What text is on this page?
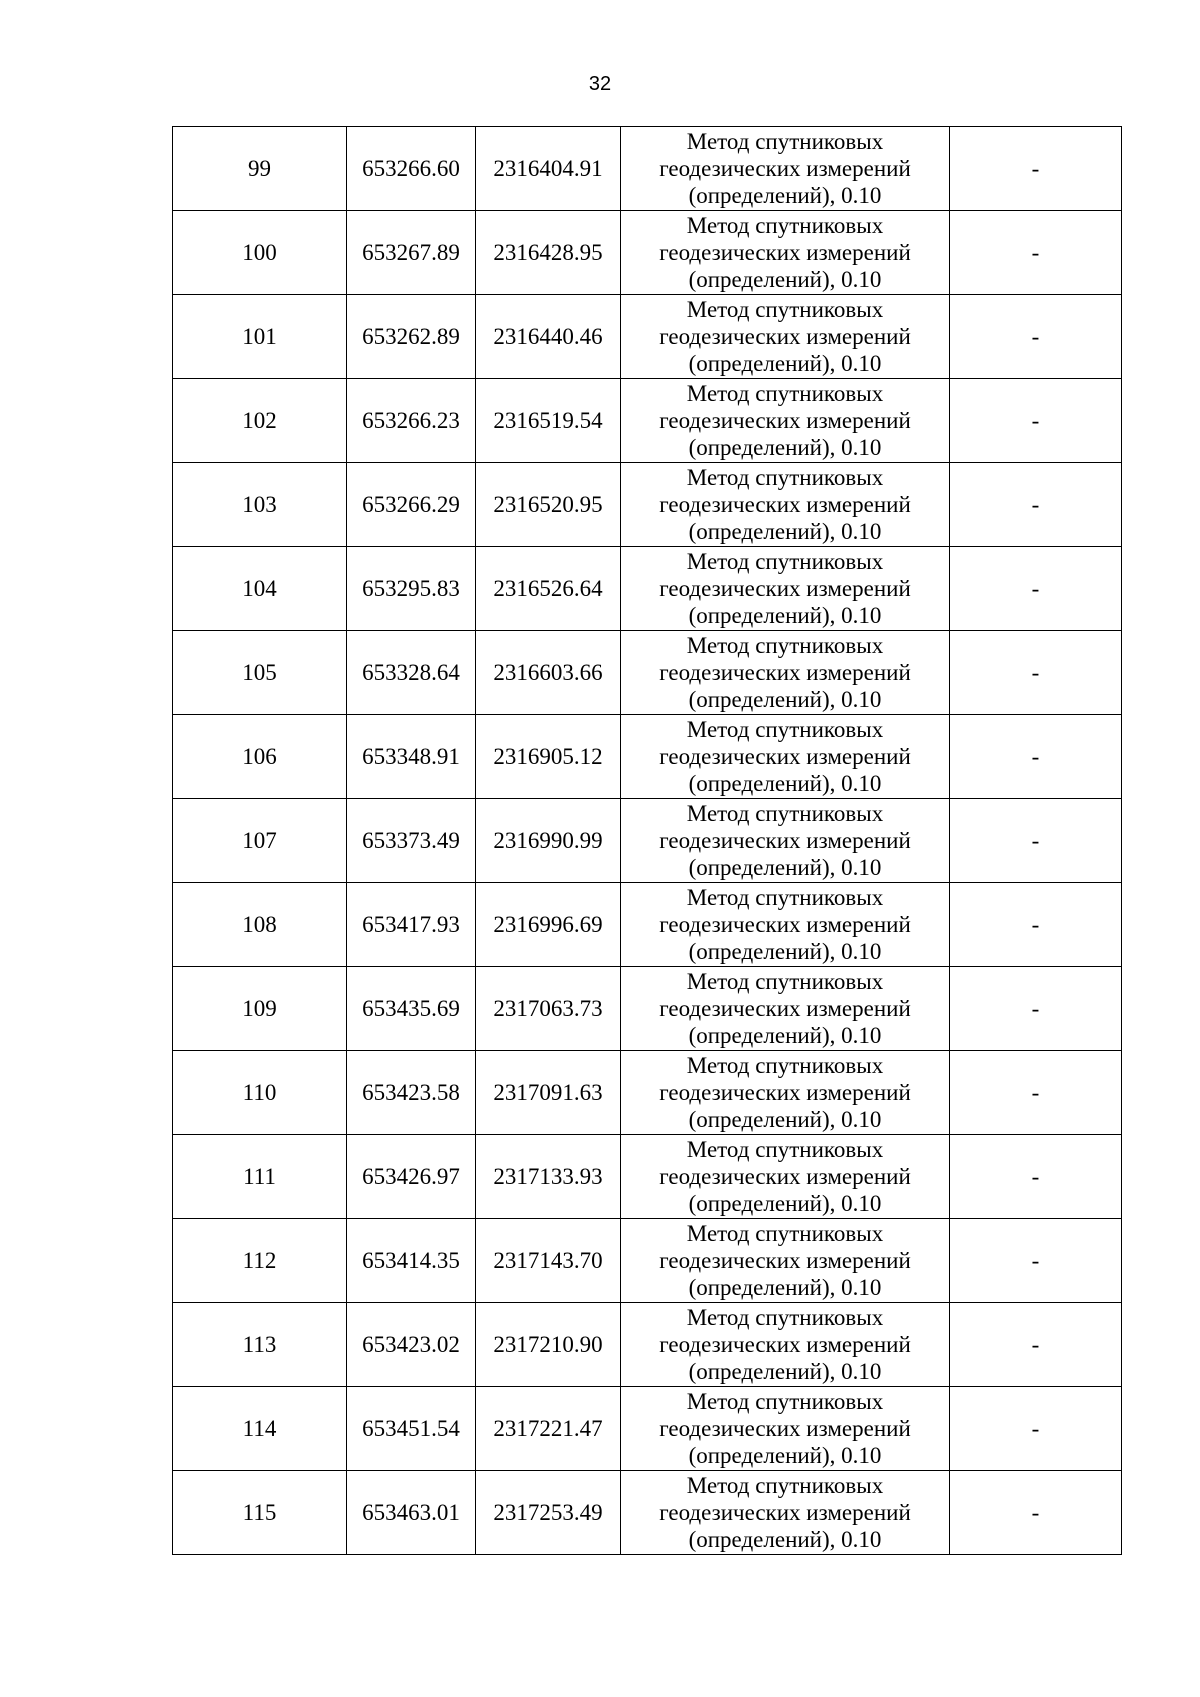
32
99	653266.60	2316404.91	Метод спутниковых
геодезических измерений
(определений), 0.10	-
100	653267.89	2316428.95	Метод спутниковых
геодезических измерений
(определений), 0.10	-
101	653262.89	2316440.46	Метод спутниковых
геодезических измерений
(определений), 0.10	-
102	653266.23	2316519.54	Метод спутниковых
геодезических измерений
(определений), 0.10	-
103	653266.29	2316520.95	Метод спутниковых
геодезических измерений
(определений), 0.10	-
104	653295.83	2316526.64	Метод спутниковых
геодезических измерений
(определений), 0.10	-
105	653328.64	2316603.66	Метод спутниковых
геодезических измерений
(определений), 0.10	-
106	653348.91	2316905.12	Метод спутниковых
геодезических измерений
(определений), 0.10	-
107	653373.49	2316990.99	Метод спутниковых
геодезических измерений
(определений), 0.10	-
108	653417.93	2316996.69	Метод спутниковых
геодезических измерений
(определений), 0.10	-
109	653435.69	2317063.73	Метод спутниковых
геодезических измерений
(определений), 0.10	-
110	653423.58	2317091.63	Метод спутниковых
геодезических измерений
(определений), 0.10	-
111	653426.97	2317133.93	Метод спутниковых
геодезических измерений
(определений), 0.10	-
112	653414.35	2317143.70	Метод спутниковых
геодезических измерений
(определений), 0.10	-
113	653423.02	2317210.90	Метод спутниковых
геодезических измерений
(определений), 0.10	-
114	653451.54	2317221.47	Метод спутниковых
геодезических измерений
(определений), 0.10	-
115	653463.01	2317253.49	Метод спутниковых
геодезических измерений
(определений), 0.10	-
